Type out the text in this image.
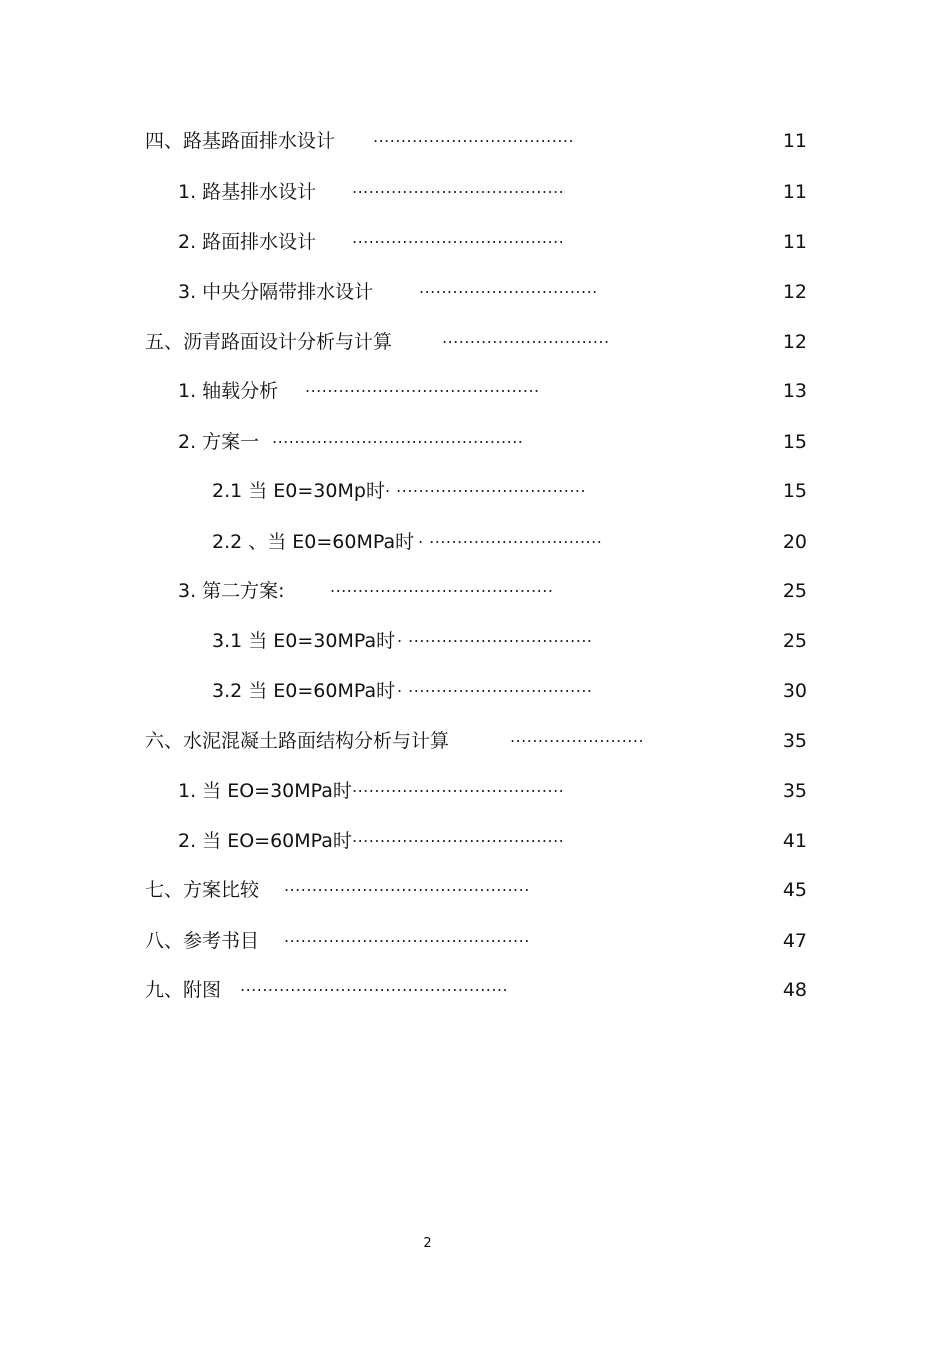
四、路基路面排水设计 ....................................	11
1. 路基排水设计 ......................................	11
2. 路面排水设计 ......................................	11
3. 中央分隔带排水设计	................................	12
五、沥青路面设计分析与计算	..............................	12
1. 轴载分析 ..........................................	13
2. 方案一 .............................................	15
2.1 当 E0=30Mp时 . ..................................	15
2.2 、当 E0=60MPa时 . ...............................	20
3. 第二方案:	........................................	25
3.1 当 E0=30MPa时 . .................................	25
3.2 当 E0=60MPa时 . .................................	30
六、水泥混凝土路面结构分析与计算	........................	35
1. 当 EO=30MPa时 ......................................	35
2. 当 EO=60MPa时 ......................................	41
七、方案比较 ............................................	45
八、参考书目 ............................................	47
九、附图 ................................................	48
2
